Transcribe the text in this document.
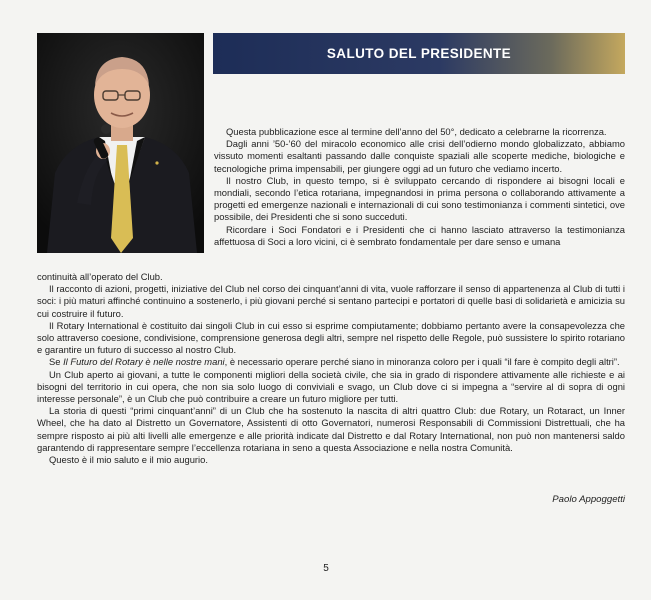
SALUTO DEL PRESIDENTE

Questa pubblicazione esce al termine dell’anno del 50°, dedicato a celebrarne la ricorrenza.

Dagli anni ’50-’60 del miracolo economico alle crisi dell’odierno mondo globalizzato, abbiamo vissuto momenti esaltanti passando dalle conquiste spaziali alle scoperte mediche, biologiche e tecnologiche prima impensabili, per giungere oggi ad un futuro che vediamo incerto.

Il nostro Club, in questo tempo, si è sviluppato cercando di rispondere ai bisogni locali e mondiali, secondo l’etica rotariana, impegnandosi in prima persona o collaborando attivamente a progetti ed emergenze nazionali e internazionali di cui sono testimonianza i commenti sintetici, ove possibile, dei Presidenti che si sono succeduti.

Ricordare i Soci Fondatori e i Presidenti che ci hanno lasciato attraverso la testimonianza affettuosa di Soci a loro vicini, ci è sembrato fondamentale per dare senso e umana

continuità all’operato del Club.

Il racconto di azioni, progetti, iniziative del Club nel corso dei cinquant’anni di vita, vuole rafforzare il senso di appartenenza al Club di tutti i soci: i più maturi affinché continuino a sostenerlo, i più giovani perché si sentano partecipi e portatori di quelle basi di solidarietà e amicizia su cui costruire il futuro.

Il Rotary International è costituito dai singoli Club in cui esso si esprime compiutamente; dobbiamo pertanto avere la consapevolezza che solo attraverso coesione, condivisione, comprensione generosa degli altri, sempre nel rispetto delle Regole, può sussistere lo spirito rotariano e garantire un futuro di successo al nostro Club.

Se Il Futuro del Rotary è nelle nostre mani, è necessario operare perché siano in minoranza coloro per i quali “il fare è compito degli altri”.

Un Club aperto ai giovani, a tutte le componenti migliori della società civile, che sia in grado di rispondere attivamente alle richieste e ai bisogni del territorio in cui opera, che non sia solo luogo di conviviali e svago, un Club dove ci si impegna a “servire al di sopra di ogni interesse personale”, è un Club che può contribuire a creare un futuro migliore per tutti.

La storia di questi “primi cinquant’anni” di un Club che ha sostenuto la nascita di altri quattro Club: due Rotary, un Rotaract, un Inner Wheel, che ha dato al Distretto un Governatore, Assistenti di otto Governatori, numerosi Responsabili di Commissioni Distrettuali, che ha sempre risposto ai più alti livelli alle emergenze e alle priorità indicate dal Distretto e dal Rotary International, non può non mantenersi saldo garantendo di rappresentare sempre l’eccellenza rotariana in seno a questa Associazione e nella nostra Comunità.

Questo è il mio saluto e il mio augurio.

Paolo Appoggetti
5
